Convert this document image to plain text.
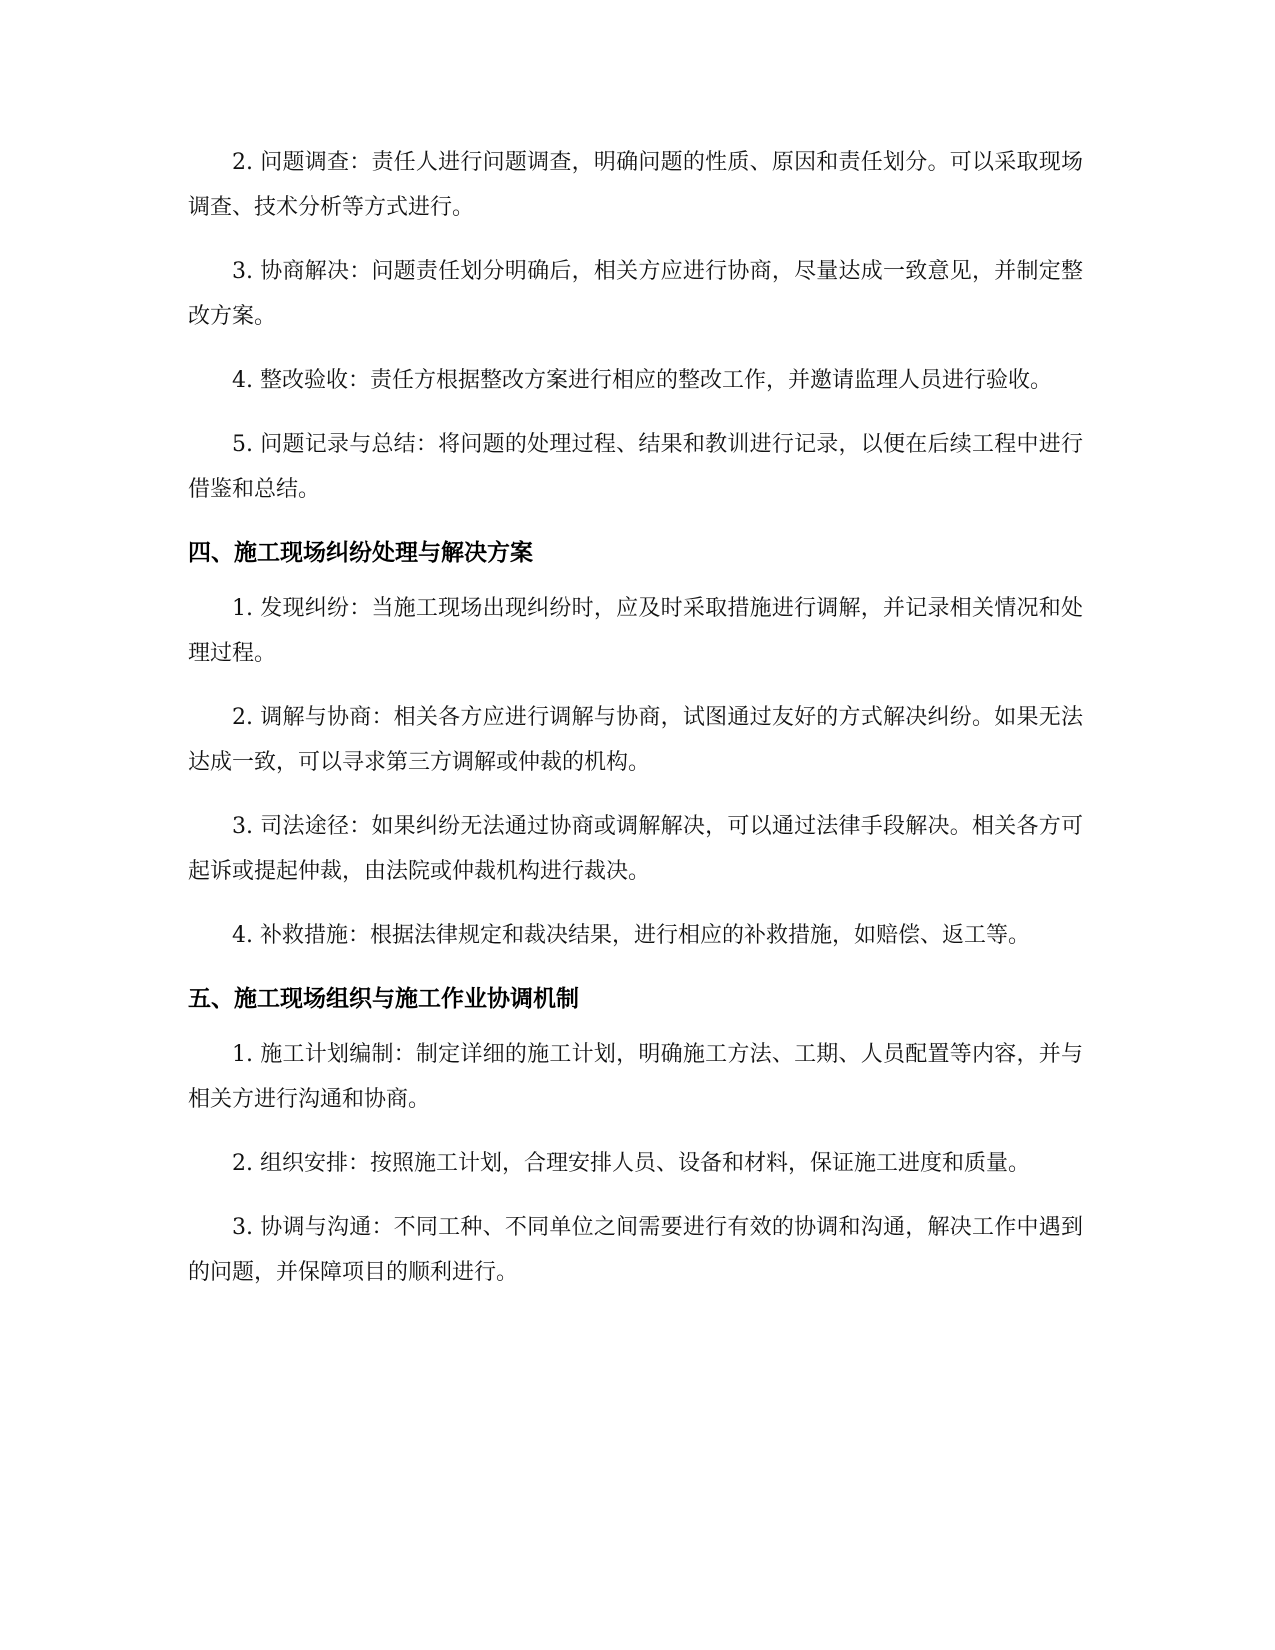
2. 问题调查：责任人进行问题调查，明确问题的性质、原因和责任划分。可以采取现场调查、技术分析等方式进行。

3. 协商解决：问题责任划分明确后，相关方应进行协商，尽量达成一致意见，并制定整改方案。

4. 整改验收：责任方根据整改方案进行相应的整改工作，并邀请监理人员进行验收。

5. 问题记录与总结：将问题的处理过程、结果和教训进行记录，以便在后续工程中进行借鉴和总结。

四、施工现场纠纷处理与解决方案

1. 发现纠纷：当施工现场出现纠纷时，应及时采取措施进行调解，并记录相关情况和处理过程。

2. 调解与协商：相关各方应进行调解与协商，试图通过友好的方式解决纠纷。如果无法达成一致，可以寻求第三方调解或仲裁的机构。

3. 司法途径：如果纠纷无法通过协商或调解解决，可以通过法律手段解决。相关各方可起诉或提起仲裁，由法院或仲裁机构进行裁决。

4. 补救措施：根据法律规定和裁决结果，进行相应的补救措施，如赔偿、返工等。

五、施工现场组织与施工作业协调机制

1. 施工计划编制：制定详细的施工计划，明确施工方法、工期、人员配置等内容，并与相关方进行沟通和协商。

2. 组织安排：按照施工计划，合理安排人员、设备和材料，保证施工进度和质量。

3. 协调与沟通：不同工种、不同单位之间需要进行有效的协调和沟通，解决工作中遇到的问题，并保障项目的顺利进行。
